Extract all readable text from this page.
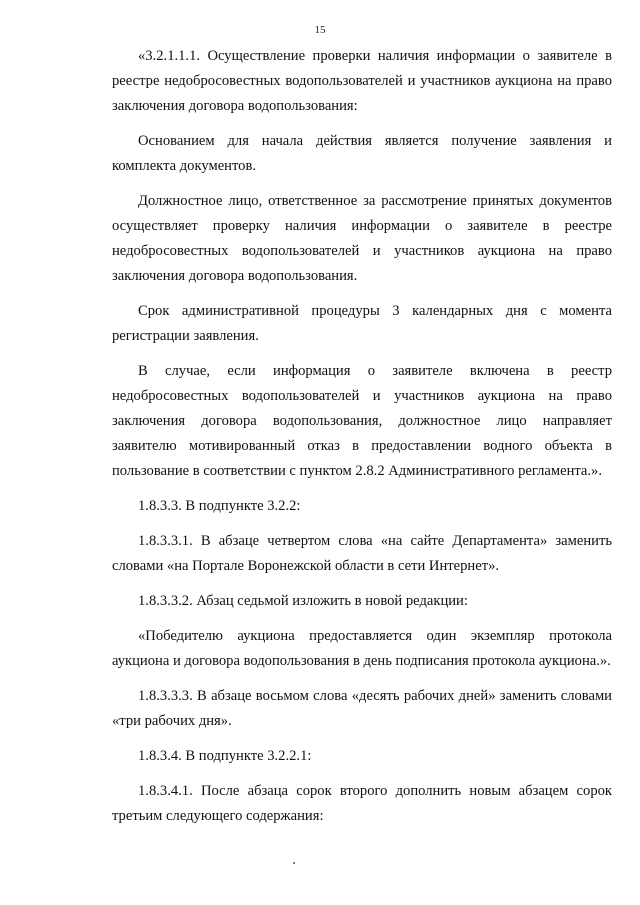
15

«3.2.1.1.1. Осуществление проверки наличия информации о заявителе в реестре недобросовестных водопользователей и участников аукциона на право заключения договора водопользования:

Основанием для начала действия является получение заявления и комплекта документов.

Должностное лицо, ответственное за рассмотрение принятых документов осуществляет проверку наличия информации о заявителе в реестре недобросовестных водопользователей и участников аукциона на право заключения договора водопользования.

Срок административной процедуры 3 календарных дня с момента регистрации заявления.

В случае, если информация о заявителе включена в реестр недобросовестных водопользователей и участников аукциона на право заключения договора водопользования, должностное лицо направляет заявителю мотивированный отказ в предоставлении водного объекта в пользование в соответствии с пунктом 2.8.2 Административного регламента.».

1.8.3.3. В подпункте 3.2.2:

1.8.3.3.1. В абзаце четвертом слова «на сайте Департамента» заменить словами «на Портале Воронежской области в сети Интернет».

1.8.3.3.2. Абзац седьмой изложить в новой редакции:

«Победителю аукциона предоставляется один экземпляр протокола аукциона и договора водопользования в день подписания протокола аукциона.».

1.8.3.3.3. В абзаце восьмом слова «десять рабочих дней» заменить словами «три рабочих дня».

1.8.3.4. В подпункте 3.2.2.1:

1.8.3.4.1. После абзаца сорок второго дополнить новым абзацем сорок третьим следующего содержания:
